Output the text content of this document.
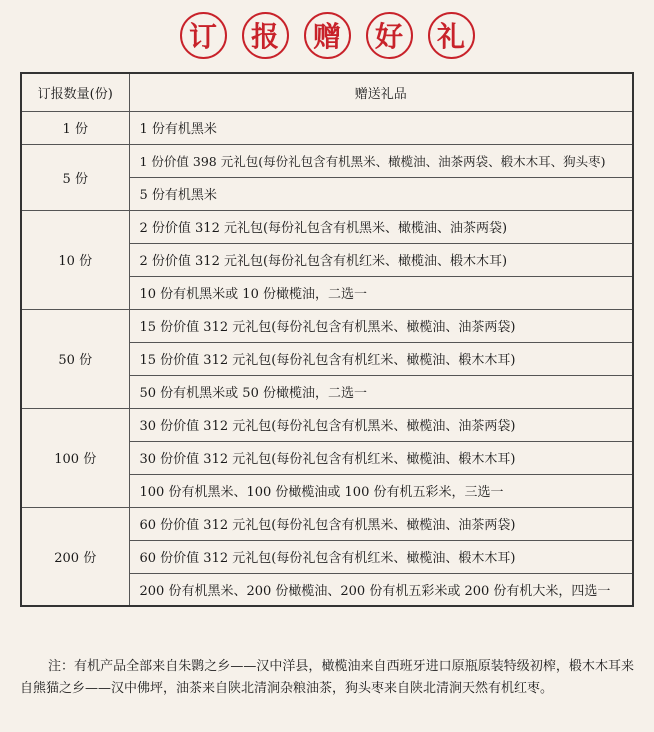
订	报	赠	好	礼
订报数量(份)	赠送礼品
1 份	1 份有机黑米
5 份	1 份价值 398 元礼包(每份礼包含有机黑米、橄榄油、油茶两袋、椴木木耳、狗头枣)
	5 份有机黑米
10 份	2 份价值 312 元礼包(每份礼包含有机黑米、橄榄油、油茶两袋)
	2 份价值 312 元礼包(每份礼包含有机红米、橄榄油、椴木木耳)
	10 份有机黑米或 10 份橄榄油，二选一
50 份	15 份价值 312 元礼包(每份礼包含有机黑米、橄榄油、油茶两袋)
	15 份价值 312 元礼包(每份礼包含有机红米、橄榄油、椴木木耳)
	50 份有机黑米或 50 份橄榄油，二选一
100 份	30 份价值 312 元礼包(每份礼包含有机黑米、橄榄油、油茶两袋)
	30 份价值 312 元礼包(每份礼包含有机红米、橄榄油、椴木木耳)
	100 份有机黑米、100 份橄榄油或 100 份有机五彩米，三选一
200 份	60 份价值 312 元礼包(每份礼包含有机黑米、橄榄油、油茶两袋)
	60 份价值 312 元礼包(每份礼包含有机红米、橄榄油、椴木木耳)
	200 份有机黑米、200 份橄榄油、200 份有机五彩米或 200 份有机大米，四选一
注：有机产品全部来自朱鹮之乡——汉中洋县，橄榄油来自西班牙进口原瓶原装特级初榨，椴木木耳来自熊猫之乡——汉中佛坪，油茶来自陕北清涧杂粮油茶，狗头枣来自陕北清涧天然有机红枣。
